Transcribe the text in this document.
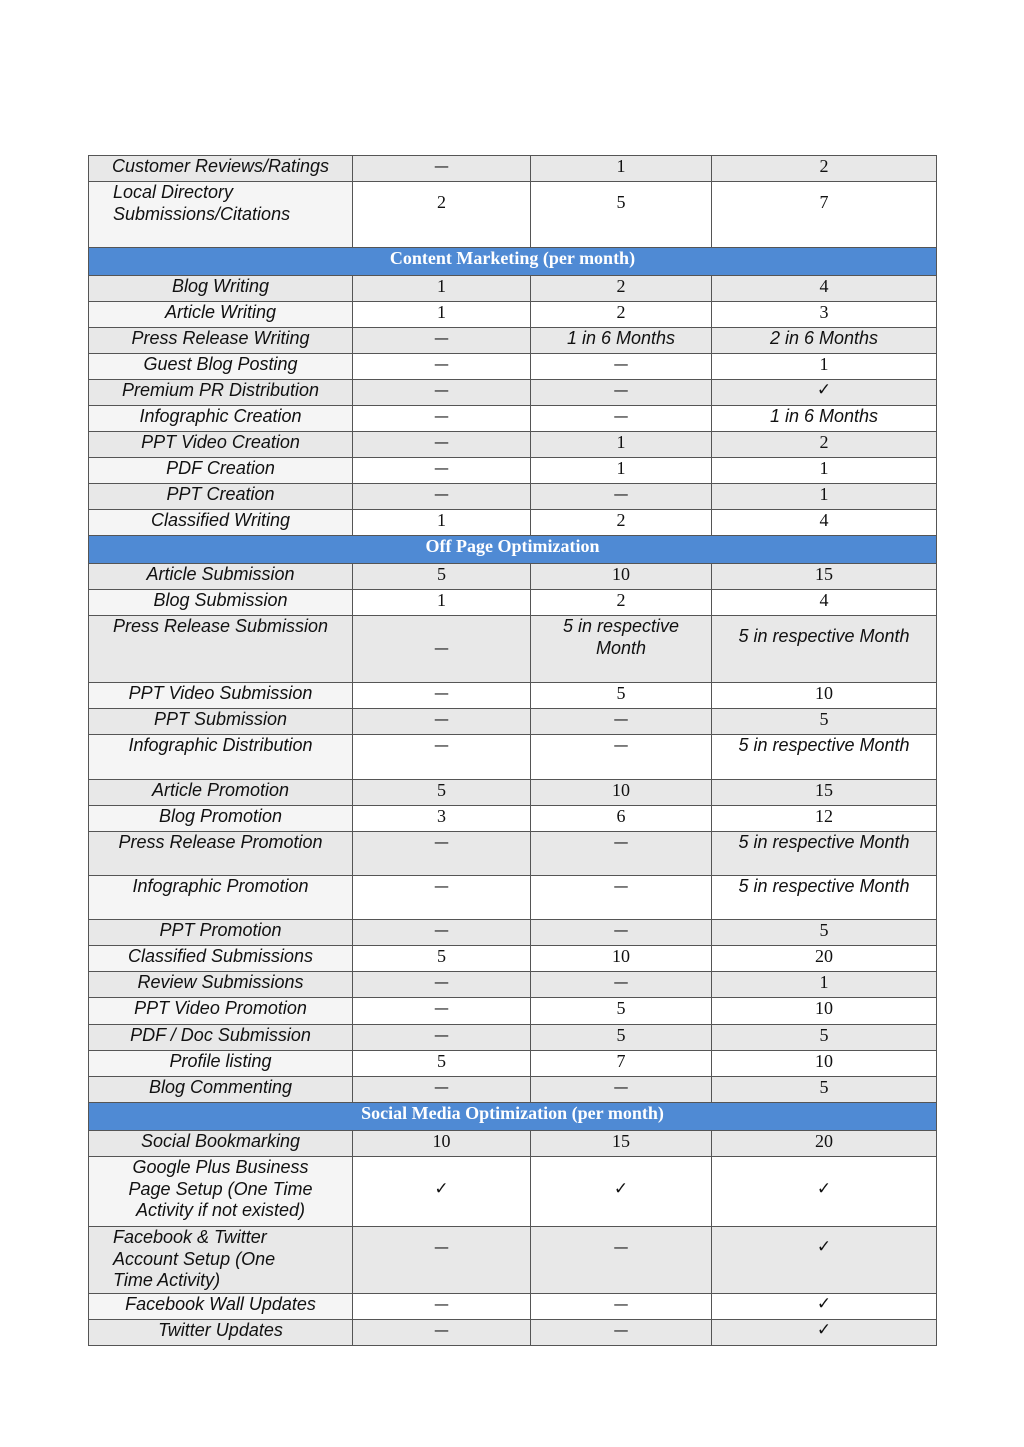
Customer Reviews/Ratings	—	1	2

Local Directory Submissions/Citations	2	5	7

Content Marketing (per month)			

Blog Writing	1	2	4

Article Writing	1	2	3

Press Release Writing	—	1 in 6 Months	2 in 6 Months

Guest Blog Posting	—	—	1

Premium PR Distribution	—	—	✓

Infographic Creation	—	—	1 in 6 Months

PPT Video Creation	—	1	2

PDF Creation	—	1	1

PPT Creation	—	—	1

Classified Writing	1	2	4

Off Page Optimization			

Article Submission	5	10	15

Blog Submission	1	2	4

Press Release Submission	—	5 in respective Month	5 in respective Month

PPT Video Submission	—	5	10

PPT Submission	—	—	5

Infographic Distribution	—	—	5 in respective Month

Article Promotion	5	10	15

Blog Promotion	3	6	12

Press Release Promotion	—	—	5 in respective Month

Infographic Promotion	—	—	5 in respective Month

PPT Promotion	—	—	5

Classified Submissions	5	10	20

Review Submissions	—	—	1

PPT Video Promotion	—	5	10

PDF / Doc Submission	—	5	5

Profile listing	5	7	10

Blog Commenting	—	—	5

Social Media Optimization (per month)			

Social Bookmarking	10	15	20

Google Plus Business Page Setup (One Time Activity if not existed)	✓	✓	✓

Facebook & Twitter Account Setup (One Time Activity)	—	—	✓

Facebook Wall Updates	—	—	✓

Twitter Updates	—	—	✓
